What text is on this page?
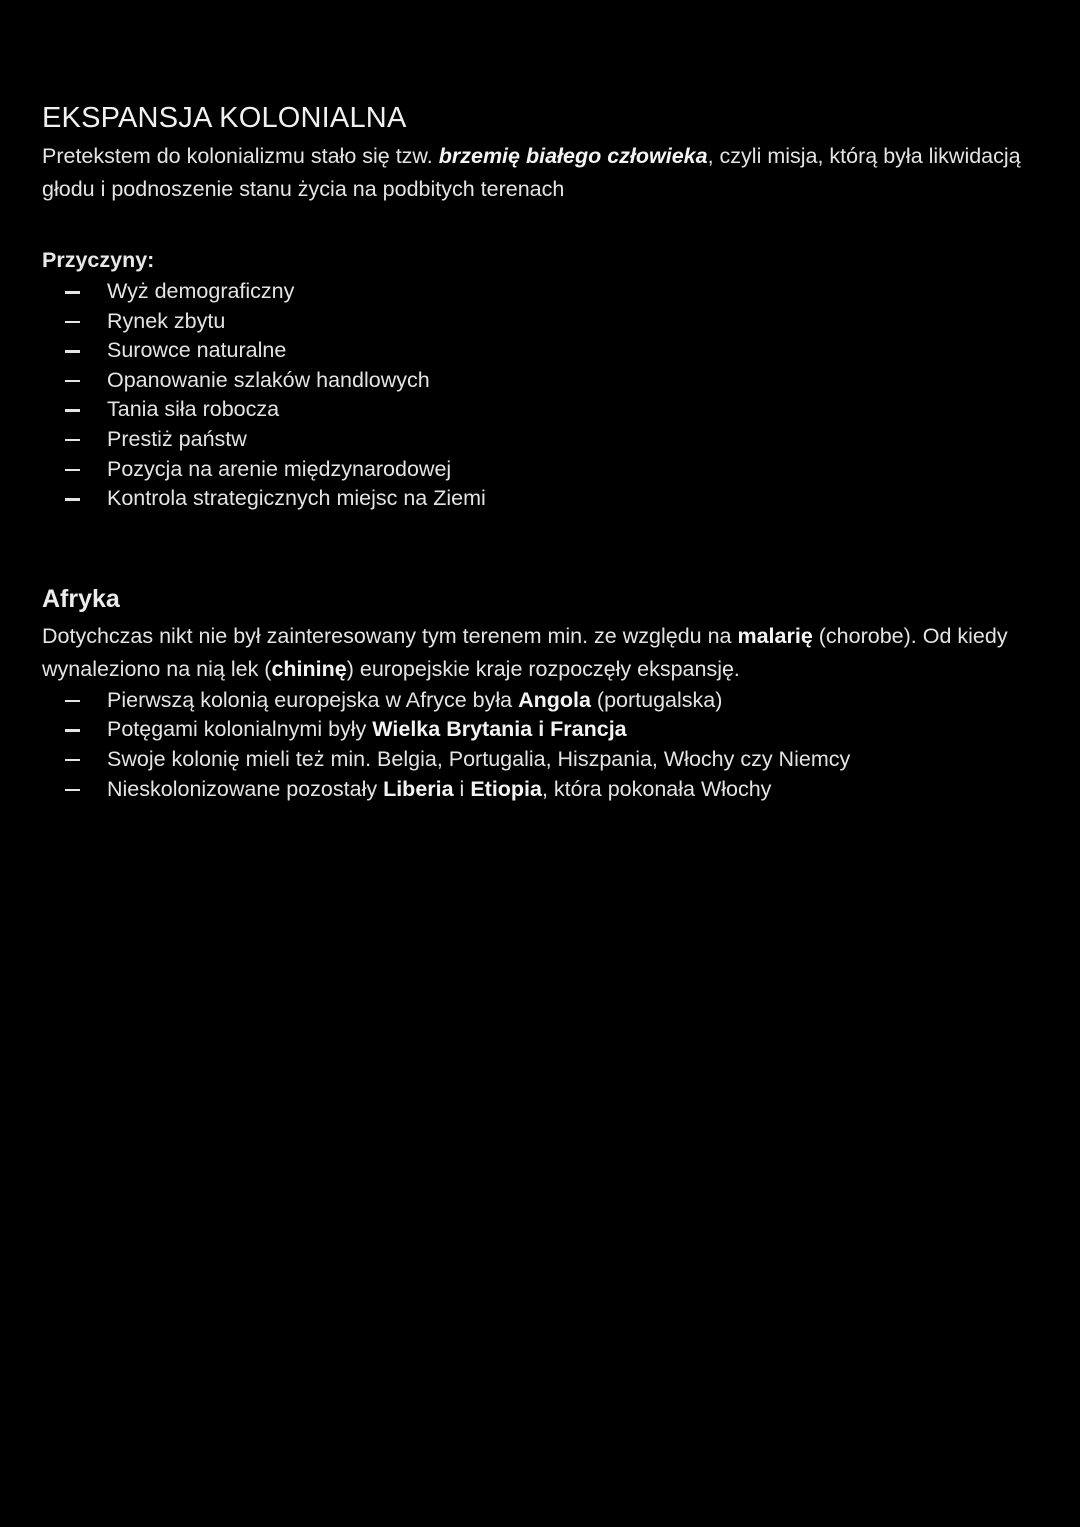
EKSPANSJA KOLONIALNA

Pretekstem do kolonializmu stało się tzw. brzemię białego człowieka, czyli misja, którą była likwidacją głodu i podnoszenie stanu życia na podbitych terenach

Przyczyny:
Wyż demograficzny
Rynek zbytu
Surowce naturalne
Opanowanie szlaków handlowych
Tania siła robocza
Prestiż państw
Pozycja na arenie międzynarodowej
Kontrola strategicznych miejsc na Ziemi
Afryka

Dotychczas nikt nie był zainteresowany tym terenem min. ze względu na malarię (chorobe). Od kiedy wynaleziono na nią lek (chininę) europejskie kraje rozpoczęły ekspansję.

Pierwszą kolonią europejska w Afryce była Angola (portugalska)
Potęgami kolonialnymi były Wielka Brytania i Francja
Swoje kolonię mieli też min. Belgia, Portugalia, Hiszpania, Włochy czy Niemcy
Nieskolonizowane pozostały Liberia i Etiopia, która pokonała Włochy
